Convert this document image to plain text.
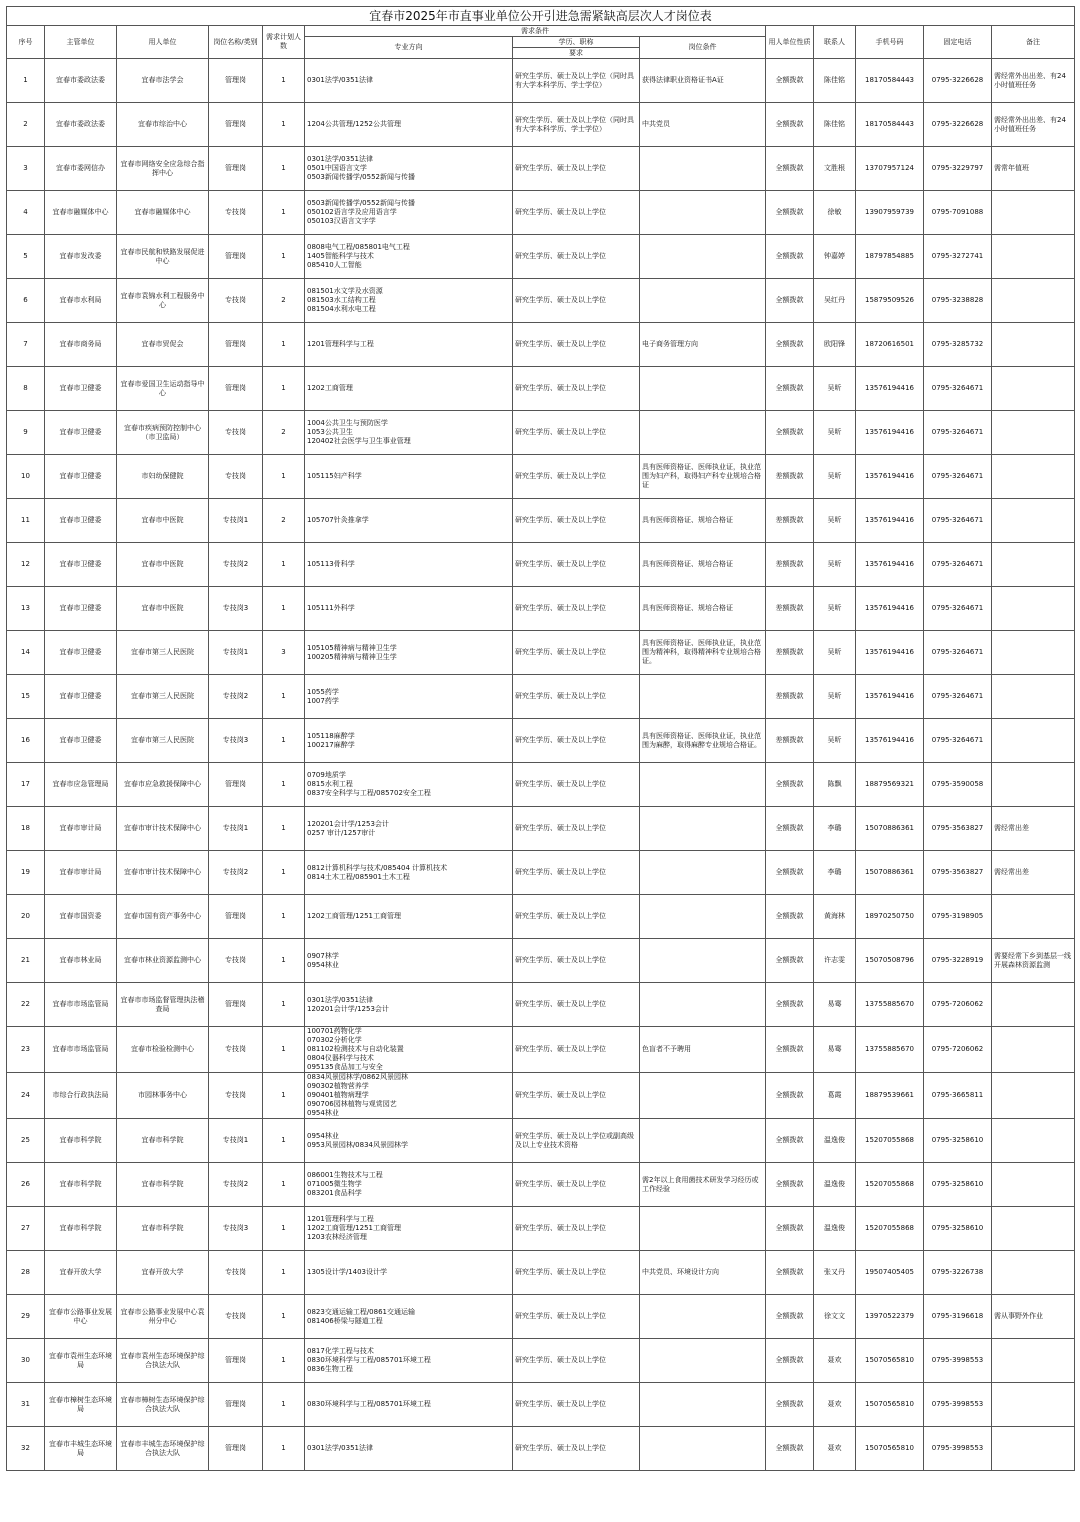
宜春市2025年市直事业单位公开引进急需紧缺高层次人才岗位表												
序号	主管单位	用人单位	岗位名称/类别	需求计划人数	需求条件			用人单位性质	联系人	手机号码	固定电话	备注
					专业方向	学历、职称	岗位条件					
						要求						
1	宜春市委政法委	宜春市法学会	管理岗	1	0301法学/0351法律	研究生学历、硕士及以上学位（同时具有大学本科学历、学士学位）	获得法律职业资格证书A证	全额拨款	陈佳铭	18170584443	0795-3226628	需经常外出出差、有24小时值班任务
2	宜春市委政法委	宜春市综治中心	管理岗	1	1204公共管理/1252公共管理	研究生学历、硕士及以上学位（同时具有大学本科学历、学士学位）	中共党员	全额拨款	陈佳铭	18170584443	0795-3226628	需经常外出出差、有24小时值班任务
3	宜春市委网信办	宜春市网络安全应急综合指挥中心	管理岗	1	0301法学/0351法律
0501中国语言文学
0503新闻传播学/0552新闻与传播	研究生学历、硕士及以上学位		全额拨款	文胜根	13707957124	0795-3229797	需常年值班
4	宜春市融媒体中心	宜春市融媒体中心	专技岗	1	0503新闻传播学/0552新闻与传播
050102语言学及应用语言学
050103汉语言文字学	研究生学历、硕士及以上学位		全额拨款	徐敏	13907959739	0795-7091088	
5	宜春市发改委	宜春市民航和铁路发展促进中心	管理岗	1	0808电气工程/085801电气工程
1405智能科学与技术
085410人工智能	研究生学历、硕士及以上学位		全额拨款	钟嘉婷	18797854885	0795-3272741	
6	宜春市水利局	宜春市袁锦水利工程服务中心	专技岗	2	081501水文学及水资源
081503水工结构工程
081504水利水电工程	研究生学历、硕士及以上学位		全额拨款	吴红丹	15879509526	0795-3238828	
7	宜春市商务局	宜春市贸促会	管理岗	1	1201管理科学与工程	研究生学历、硕士及以上学位	电子商务管理方向	全额拨款	欧阳锋	18720616501	0795-3285732	
8	宜春市卫健委	宜春市爱国卫生运动指导中心	管理岗	1	1202工商管理	研究生学历、硕士及以上学位		全额拨款	吴昕	13576194416	0795-3264671	
9	宜春市卫健委	宜春市疾病预防控制中心（市卫监局）	专技岗	2	1004公共卫生与预防医学
1053公共卫生
120402社会医学与卫生事业管理	研究生学历、硕士及以上学位		全额拨款	吴昕	13576194416	0795-3264671	
10	宜春市卫健委	市妇幼保健院	专技岗	1	105115妇产科学	研究生学历、硕士及以上学位	具有医师资格证、医师执业证，执业范围为妇产科，取得妇产科专业规培合格证	差额拨款	吴昕	13576194416	0795-3264671	
11	宜春市卫健委	宜春市中医院	专技岗1	2	105707针灸推拿学	研究生学历、硕士及以上学位	具有医师资格证、规培合格证	差额拨款	吴昕	13576194416	0795-3264671	
12	宜春市卫健委	宜春市中医院	专技岗2	1	105113骨科学	研究生学历、硕士及以上学位	具有医师资格证、规培合格证	差额拨款	吴昕	13576194416	0795-3264671	
13	宜春市卫健委	宜春市中医院	专技岗3	1	105111外科学	研究生学历、硕士及以上学位	具有医师资格证、规培合格证	差额拨款	吴昕	13576194416	0795-3264671	
14	宜春市卫健委	宜春市第三人民医院	专技岗1	3	105105精神病与精神卫生学
100205精神病与精神卫生学	研究生学历、硕士及以上学位	具有医师资格证、医师执业证，执业范围为精神科，取得精神科专业规培合格证。	差额拨款	吴昕	13576194416	0795-3264671	
15	宜春市卫健委	宜春市第三人民医院	专技岗2	1	1055药学
1007药学	研究生学历、硕士及以上学位		差额拨款	吴昕	13576194416	0795-3264671	
16	宜春市卫健委	宜春市第三人民医院	专技岗3	1	105118麻醉学
100217麻醉学	研究生学历、硕士及以上学位	具有医师资格证、医师执业证，执业范围为麻醉，取得麻醉专业规培合格证。	差额拨款	吴昕	13576194416	0795-3264671	
17	宜春市应急管理局	宜春市应急救援保障中心	管理岗	1	0709地质学
0815水利工程
0837安全科学与工程/085702安全工程	研究生学历、硕士及以上学位		全额拨款	陈飘	18879569321	0795-3590058	
18	宜春市审计局	宜春市审计技术保障中心	专技岗1	1	120201会计学/1253会计
0257 审计/1257审计	研究生学历、硕士及以上学位		全额拨款	李璐	15070886361	0795-3563827	需经常出差
19	宜春市审计局	宜春市审计技术保障中心	专技岗2	1	0812计算机科学与技术/085404 计算机技术
0814土木工程/085901土木工程	研究生学历、硕士及以上学位		全额拨款	李璐	15070886361	0795-3563827	需经常出差
20	宜春市国资委	宜春市国有资产事务中心	管理岗	1	1202工商管理/1251工商管理	研究生学历、硕士及以上学位		全额拨款	黄海林	18970250750	0795-3198905	
21	宜春市林业局	宜春市林业资源监测中心	专技岗	1	0907林学
0954林业	研究生学历、硕士及以上学位		全额拨款	许志雯	15070508796	0795-3228919	需要经常下乡到基层一线开展森林资源监测
22	宜春市市场监管局	宜春市市场监督管理执法稽查局	管理岗	1	0301法学/0351法律
120201会计学/1253会计	研究生学历、硕士及以上学位		全额拨款	易骞	13755885670	0795-7206062	
23	宜春市市场监管局	宜春市检验检测中心	专技岗	1	100701药物化学
070302分析化学
081102检测技术与自动化装置
0804仪器科学与技术
095135食品加工与安全	研究生学历、硕士及以上学位	色盲者不予聘用	全额拨款	易骞	13755885670	0795-7206062	
24	市综合行政执法局	市园林事务中心	专技岗	1	0834风景园林学/0862风景园林
090302植物营养学
090401植物病理学
090706园林植物与观赏园艺
0954林业	研究生学历、硕士及以上学位		全额拨款	葛霞	18879539661	0795-3665811	
25	宜春市科学院	宜春市科学院	专技岗1	1	0954林业
0953风景园林/0834风景园林学	研究生学历、硕士及以上学位或副高级及以上专业技术资格		全额拨款	温逸俊	15207055868	0795-3258610	
26	宜春市科学院	宜春市科学院	专技岗2	1	086001生物技术与工程
071005微生物学
083201食品科学	研究生学历、硕士及以上学位	需2年以上食用菌技术研发学习经历或工作经验	全额拨款	温逸俊	15207055868	0795-3258610	
27	宜春市科学院	宜春市科学院	专技岗3	1	1201管理科学与工程
1202工商管理/1251工商管理
1203农林经济管理	研究生学历、硕士及以上学位		全额拨款	温逸俊	15207055868	0795-3258610	
28	宜春开放大学	宜春开放大学	专技岗	1	1305设计学/1403设计学	研究生学历、硕士及以上学位	中共党员、环境设计方向	全额拨款	张又丹	19507405405	0795-3226738	
29	宜春市公路事业发展中心	宜春市公路事业发展中心袁州分中心	专技岗	1	0823交通运输工程/0861交通运输
081406桥梁与隧道工程	研究生学历、硕士及以上学位		全额拨款	徐文文	13970522379	0795-3196618	需从事野外作业
30	宜春市袁州生态环境局	宜春市袁州生态环境保护综合执法大队	管理岗	1	0817化学工程与技术
0830环境科学与工程/085701环境工程
0836生物工程	研究生学历、硕士及以上学位		全额拨款	聂欢	15070565810	0795-3998553	
31	宜春市樟树生态环境局	宜春市樟树生态环境保护综合执法大队	管理岗	1	0830环境科学与工程/085701环境工程	研究生学历、硕士及以上学位		全额拨款	聂欢	15070565810	0795-3998553	
32	宜春市丰城生态环境局	宜春市丰城生态环境保护综合执法大队	管理岗	1	0301法学/0351法律	研究生学历、硕士及以上学位		全额拨款	聂欢	15070565810	0795-3998553	
